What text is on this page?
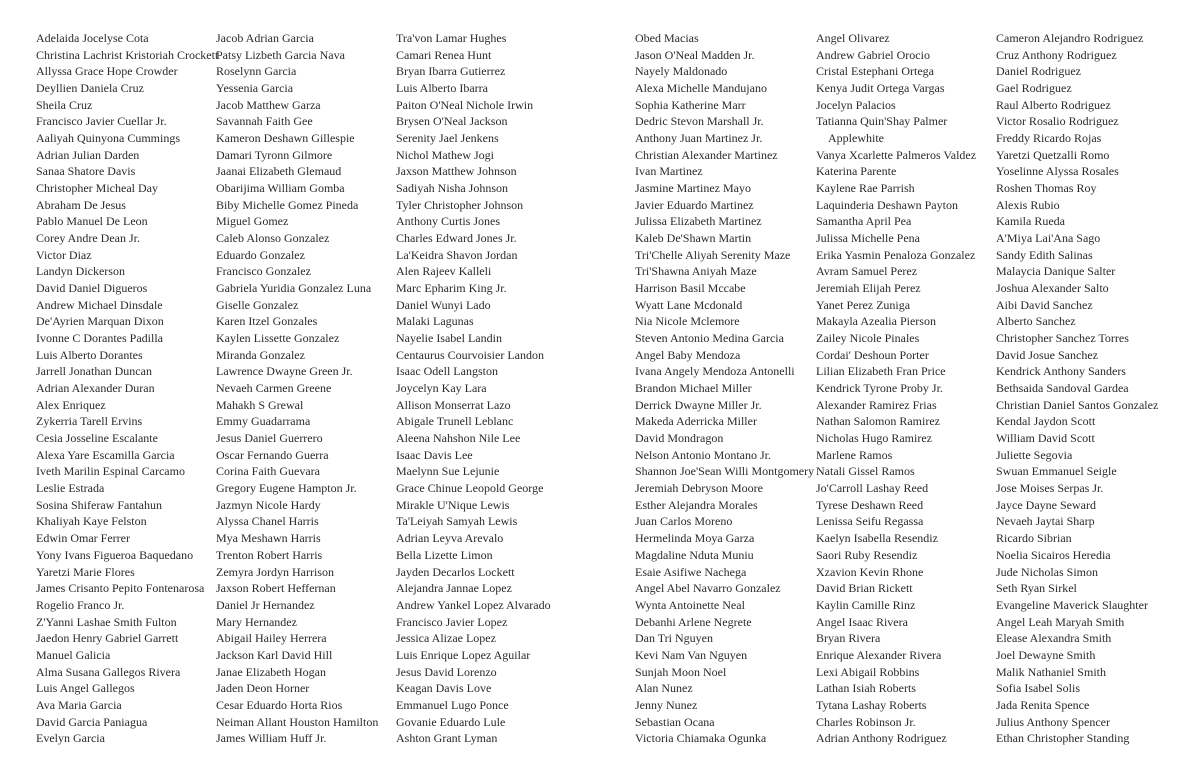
Adelaida Jocelyse Cota
Christina Lachrist Kristoriah Crockett
Allyssa Grace Hope Crowder
Deyllien Daniela Cruz
Sheila Cruz
Francisco Javier Cuellar Jr.
Aaliyah Quinyona Cummings
Adrian Julian Darden
Sanaa Shatore Davis
Christopher Micheal Day
Abraham De Jesus
Pablo Manuel De Leon
Corey Andre Dean Jr.
Victor Diaz
Landyn Dickerson
David Daniel Digueros
Andrew Michael Dinsdale
De'Ayrien Marquan Dixon
Ivonne C Dorantes Padilla
Luis Alberto Dorantes
Jarrell Jonathan Duncan
Adrian Alexander Duran
Alex Enriquez
Zykerria Tarell Ervins
Cesia Josseline Escalante
Alexa Yare Escamilla Garcia
Iveth Marilin Espinal Carcamo
Leslie Estrada
Sosina Shiferaw Fantahun
Khaliyah Kaye Felston
Edwin Omar Ferrer
Yony Ivans Figueroa Baquedano
Yaretzi Marie Flores
James Crisanto Pepito Fontenarosa
Rogelio Franco Jr.
Z'Yanni Lashae Smith Fulton
Jaedon Henry Gabriel Garrett
Manuel Galicia
Alma Susana Gallegos Rivera
Luis Angel Gallegos
Ava Maria Garcia
David Garcia Paniagua
Evelyn Garcia
Jacob Adrian Garcia
Patsy Lizbeth Garcia Nava
Roselynn Garcia
Yessenia Garcia
Jacob Matthew Garza
Savannah Faith Gee
Kameron Deshawn Gillespie
Damari Tyronn Gilmore
Jaanai Elizabeth Glemaud
Obarijima William Gomba
Biby Michelle Gomez Pineda
Miguel Gomez
Caleb Alonso Gonzalez
Eduardo Gonzalez
Francisco Gonzalez
Gabriela Yuridia Gonzalez Luna
Giselle Gonzalez
Karen Itzel Gonzales
Kaylen Lissette Gonzalez
Miranda Gonzalez
Lawrence Dwayne Green Jr.
Nevaeh Carmen Greene
Mahakh S Grewal
Emmy Guadarrama
Jesus Daniel Guerrero
Oscar Fernando Guerra
Corina Faith Guevara
Gregory Eugene Hampton Jr.
Jazmyn Nicole Hardy
Alyssa Chanel Harris
Mya Meshawn Harris
Trenton Robert Harris
Zemyra Jordyn Harrison
Jaxson Robert Heffernan
Daniel Jr Hernandez
Mary Hernandez
Abigail Hailey Herrera
Jackson Karl David Hill
Janae Elizabeth Hogan
Jaden Deon Horner
Cesar Eduardo Horta Rios
Neiman Allant Houston Hamilton
James William Huff Jr.
Tra'von Lamar Hughes
Camari Renea Hunt
Bryan Ibarra Gutierrez
Luis Alberto Ibarra
Paiton O'Neal Nichole Irwin
Brysen O'Neal Jackson
Serenity Jael Jenkens
Nichol Mathew Jogi
Jaxson Matthew Johnson
Sadiyah Nisha Johnson
Tyler Christopher Johnson
Anthony Curtis Jones
Charles Edward Jones Jr.
La'Keidra Shavon Jordan
Alen Rajeev Kalleli
Marc Epharim King Jr.
Daniel Wunyi Lado
Malaki Lagunas
Nayelie Isabel Landin
Centaurus Courvoisier Landon
Isaac Odell Langston
Joycelyn Kay Lara
Allison Monserrat Lazo
Abigale Trunell Leblanc
Aleena Nahshon Nile Lee
Isaac Davis Lee
Maelynn Sue Lejunie
Grace Chinue Leopold George
Mirakle U'Nique Lewis
Ta'Leiyah Samyah Lewis
Adrian Leyva Arevalo
Bella Lizette Limon
Jayden Decarlos Lockett
Alejandra Jannae Lopez
Andrew Yankel Lopez Alvarado
Francisco Javier Lopez
Jessica Alizae Lopez
Luis Enrique Lopez Aguilar
Jesus David Lorenzo
Keagan Davis Love
Emmanuel Lugo Ponce
Govanie Eduardo Lule
Ashton Grant Lyman
Obed Macias
Jason O'Neal Madden Jr.
Nayely Maldonado
Alexa Michelle Mandujano
Sophia Katherine Marr
Dedric Stevon Marshall Jr.
Anthony Juan Martinez Jr.
Christian Alexander Martinez
Ivan Martinez
Jasmine Martinez Mayo
Javier Eduardo Martinez
Julissa Elizabeth Martinez
Kaleb De'Shawn Martin
Tri'Chelle Aliyah Serenity Maze
Tri'Shawna Aniyah Maze
Harrison Basil Mccabe
Wyatt Lane Mcdonald
Nia Nicole Mclemore
Steven Antonio Medina Garcia
Angel Baby Mendoza
Ivana Angely Mendoza Antonelli
Brandon Michael Miller
Derrick Dwayne Miller Jr.
Makeda Aderricka Miller
David Mondragon
Nelson Antonio Montano Jr.
Shannon Joe'Sean Willi Montgomery
Jeremiah Debryson Moore
Esther Alejandra Morales
Juan Carlos Moreno
Hermelinda Moya Garza
Magdaline Nduta Muniu
Esaie Asifiwe Nachega
Angel Abel Navarro Gonzalez
Wynta Antoinette Neal
Debanhi Arlene Negrete
Dan Tri Nguyen
Kevi Nam Van Nguyen
Sunjah Moon Noel
Alan Nunez
Jenny Nunez
Sebastian Ocana
Victoria Chiamaka Ogunka
Angel Olivarez
Andrew Gabriel Orocio
Cristal Estephani Ortega
Kenya Judit Ortega Vargas
Jocelyn Palacios
Tatianna Quin'Shay Palmer
Applewhite
Vanya Xcarlette Palmeros Valdez
Katerina Parente
Kaylene Rae Parrish
Laquinderia Deshawn Payton
Samantha April Pea
Julissa Michelle Pena
Erika Yasmin Penaloza Gonzalez
Avram Samuel Perez
Jeremiah Elijah Perez
Yanet Perez Zuniga
Makayla Azealia Pierson
Zailey Nicole Pinales
Cordai' Deshoun Porter
Lilian Elizabeth Fran Price
Kendrick Tyrone Proby Jr.
Alexander Ramirez Frias
Nathan Salomon Ramirez
Nicholas Hugo Ramirez
Marlene Ramos
Natali Gissel Ramos
Jo'Carroll Lashay Reed
Tyrese Deshawn Reed
Lenissa Seifu Regassa
Kaelyn Isabella Resendiz
Saori Ruby Resendiz
Xzavion Kevin Rhone
David Brian Rickett
Kaylin Camille Rinz
Angel Isaac Rivera
Bryan Rivera
Enrique Alexander Rivera
Lexi Abigail Robbins
Lathan Isiah Roberts
Tytana Lashay Roberts
Charles Robinson Jr.
Adrian Anthony Rodriguez
Cameron Alejandro Rodriguez
Cruz Anthony Rodriguez
Daniel Rodriguez
Gael Rodriguez
Raul Alberto Rodriguez
Victor Rosalio Rodriguez
Freddy Ricardo Rojas
Yaretzi Quetzalli Romo
Yoselinne Alyssa Rosales
Roshen Thomas Roy
Alexis Rubio
Kamila Rueda
A'Miya Lai'Ana Sago
Sandy Edith Salinas
Malaycia Danique Salter
Joshua Alexander Salto
Aibi David Sanchez
Alberto Sanchez
Christopher Sanchez Torres
David Josue Sanchez
Kendrick Anthony Sanders
Bethsaida Sandoval Gardea
Christian Daniel Santos Gonzalez
Kendal Jaydon Scott
William David Scott
Juliette Segovia
Swuan Emmanuel Seigle
Jose Moises Serpas Jr.
Jayce Dayne Seward
Nevaeh Jaytai Sharp
Ricardo Sibrian
Noelia Sicairos Heredia
Jude Nicholas Simon
Seth Ryan Sirkel
Evangeline Maverick Slaughter
Angel Leah Maryah Smith
Elease Alexandra Smith
Joel Dewayne Smith
Malik Nathaniel Smith
Sofia Isabel Solis
Jada Renita Spence
Julius Anthony Spencer
Ethan Christopher Standing
